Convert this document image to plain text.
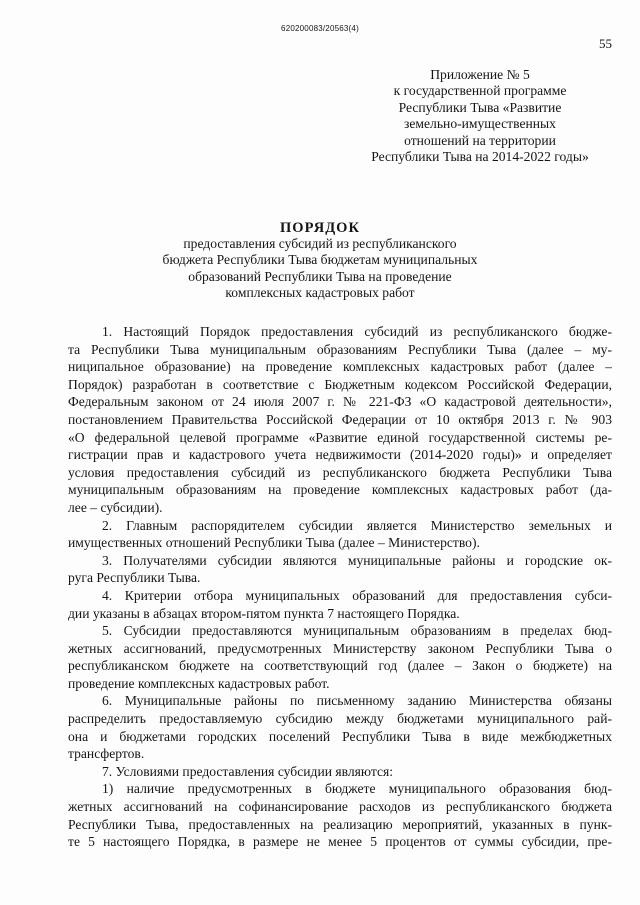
620200083/20563(4)
55
Приложение № 5
к государственной программе
Республики Тыва «Развитие
земельно-имущественных
отношений на территории
Республики Тыва на 2014-2022 годы»
ПОРЯДОК
предоставления субсидий из республиканского
бюджета Республики Тыва бюджетам муниципальных
образований Республики Тыва на проведение
комплексных кадастровых работ
1. Настоящий Порядок предоставления субсидий из республиканского бюдже-
та Республики Тыва муниципальным образованиям Республики Тыва (далее – му-
ниципальное образование) на проведение комплексных кадастровых работ (далее –
Порядок) разработан в соответствие с Бюджетным кодексом Российской Федерации,
Федеральным законом от 24 июля 2007 г. № 221-ФЗ «О кадастровой деятельности»,
постановлением Правительства Российской Федерации от 10 октября 2013 г. № 903
«О федеральной целевой программе «Развитие единой государственной системы ре-
гистрации прав и кадастрового учета недвижимости (2014-2020 годы)» и определяет
условия предоставления субсидий из республиканского бюджета Республики Тыва
муниципальным образованиям на проведение комплексных кадастровых работ (да-
лее – субсидии).
2. Главным распорядителем субсидии является Министерство земельных и
имущественных отношений Республики Тыва (далее – Министерство).
3. Получателями субсидии являются муниципальные районы и городские ок-
руга Республики Тыва.
4. Критерии отбора муниципальных образований для предоставления субси-
дии указаны в абзацах втором-пятом пункта 7 настоящего Порядка.
5. Субсидии предоставляются муниципальным образованиям в пределах бюд-
жетных ассигнований, предусмотренных Министерству законом Республики Тыва о
республиканском бюджете на соответствующий год (далее – Закон о бюджете) на
проведение комплексных кадастровых работ.
6. Муниципальные районы по письменному заданию Министерства обязаны
распределить предоставляемую субсидию между бюджетами муниципального рай-
она и бюджетами городских поселений Республики Тыва в виде межбюджетных
трансфертов.
7. Условиями предоставления субсидии являются:
1) наличие предусмотренных в бюджете муниципального образования бюд-
жетных ассигнований на софинансирование расходов из республиканского бюджета
Республики Тыва, предоставленных на реализацию мероприятий, указанных в пунк-
те 5 настоящего Порядка, в размере не менее 5 процентов от суммы субсидии, пре-
